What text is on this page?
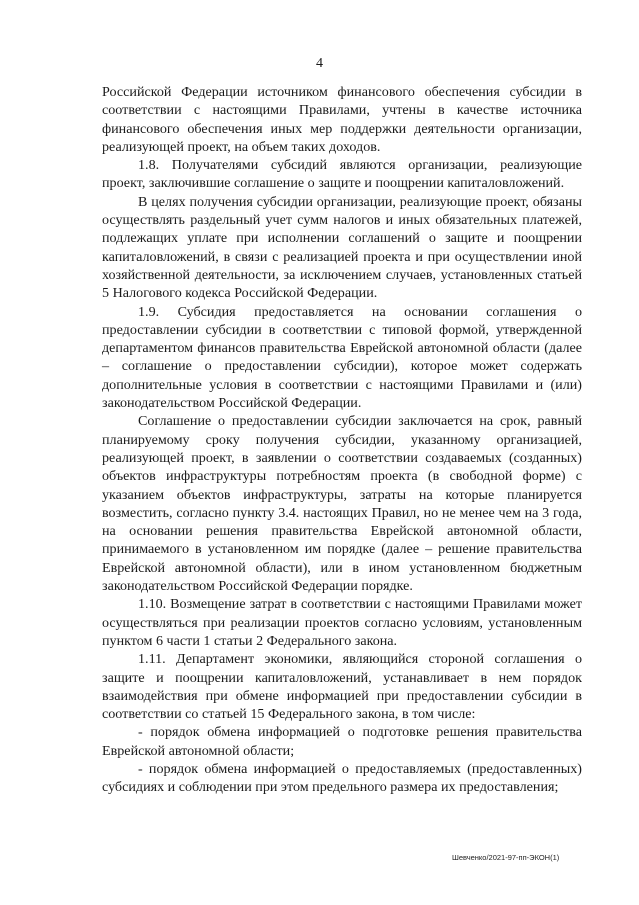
4

Российской Федерации источником финансового обеспечения субсидии в соответствии с настоящими Правилами, учтены в качестве источника финансового обеспечения иных мер поддержки деятельности организации, реализующей проект, на объем таких доходов.

1.8. Получателями субсидий являются организации, реализующие проект, заключившие соглашение о защите и поощрении капиталовложений.

В целях получения субсидии организации, реализующие проект, обязаны осуществлять раздельный учет сумм налогов и иных обязательных платежей, подлежащих уплате при исполнении соглашений о защите и поощрении капиталовложений, в связи с реализацией проекта и при осуществлении иной хозяйственной деятельности, за исключением случаев, установленных статьей 5 Налогового кодекса Российской Федерации.

1.9. Субсидия предоставляется на основании соглашения о предоставлении субсидии в соответствии с типовой формой, утвержденной департаментом финансов правительства Еврейской автономной области (далее – соглашение о предоставлении субсидии), которое может содержать дополнительные условия в соответствии с настоящими Правилами и (или) законодательством Российской Федерации.

Соглашение о предоставлении субсидии заключается на срок, равный планируемому сроку получения субсидии, указанному организацией, реализующей проект, в заявлении о соответствии создаваемых (созданных) объектов инфраструктуры потребностям проекта (в свободной форме) с указанием объектов инфраструктуры, затраты на которые планируется возместить, согласно пункту 3.4. настоящих Правил, но не менее чем на 3 года, на основании решения правительства Еврейской автономной области, принимаемого в установленном им порядке (далее – решение правительства Еврейской автономной области), или в ином установленном бюджетным законодательством Российской Федерации порядке.

1.10. Возмещение затрат в соответствии с настоящими Правилами может осуществляться при реализации проектов согласно условиям, установленным пунктом 6 части 1 статьи 2 Федерального закона.

1.11. Департамент экономики, являющийся стороной соглашения о защите и поощрении капиталовложений, устанавливает в нем порядок взаимодействия при обмене информацией при предоставлении субсидии в соответствии со статьей 15 Федерального закона, в том числе:

- порядок обмена информацией о подготовке решения правительства Еврейской автономной области;

- порядок обмена информацией о предоставляемых (предоставленных) субсидиях и соблюдении при этом предельного размера их предоставления;

Шевченко/2021-97-пп-ЭКОН(1)
